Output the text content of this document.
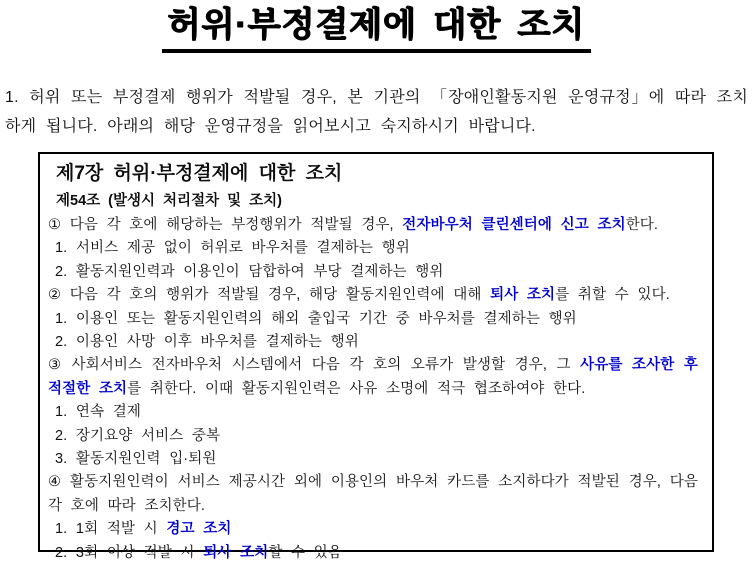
허위·부정결제에 대한 조치

1. 허위 또는 부정결제 행위가 적발될 경우, 본 기관의 「장애인활동지원 운영규정」에 따라 조치하게 됩니다. 아래의 해당 운영규정을 읽어보시고 숙지하시기 바랍니다.

제7장 허위·부정결제에 대한 조치
제54조 (발생시 처리절차 및 조치)
① 다음 각 호에 해당하는 부정행위가 적발될 경우, 전자바우처 클린센터에 신고 조치한다.
1. 서비스 제공 없이 허위로 바우처를 결제하는 행위
2. 활동지원인력과 이용인이 담합하여 부당 결제하는 행위
② 다음 각 호의 행위가 적발될 경우, 해당 활동지원인력에 대해 퇴사 조치를 취할 수 있다.
1. 이용인 또는 활동지원인력의 해외 출입국 기간 중 바우처를 결제하는 행위
2. 이용인 사망 이후 바우처를 결제하는 행위
③ 사회서비스 전자바우처 시스템에서 다음 각 호의 오류가 발생할 경우, 그 사유를 조사한 후 적절한 조치를 취한다. 이때 활동지원인력은 사유 소명에 적극 협조하여야 한다.
1. 연속 결제
2. 장기요양 서비스 중복
3. 활동지원인력 입·퇴원
④ 활동지원인력이 서비스 제공시간 외에 이용인의 바우처 카드를 소지하다가 적발된 경우, 다음 각 호에 따라 조치한다.
1. 1회 적발 시 경고 조치
2. 3회 이상 적발 시 퇴사 조치할 수 있음
